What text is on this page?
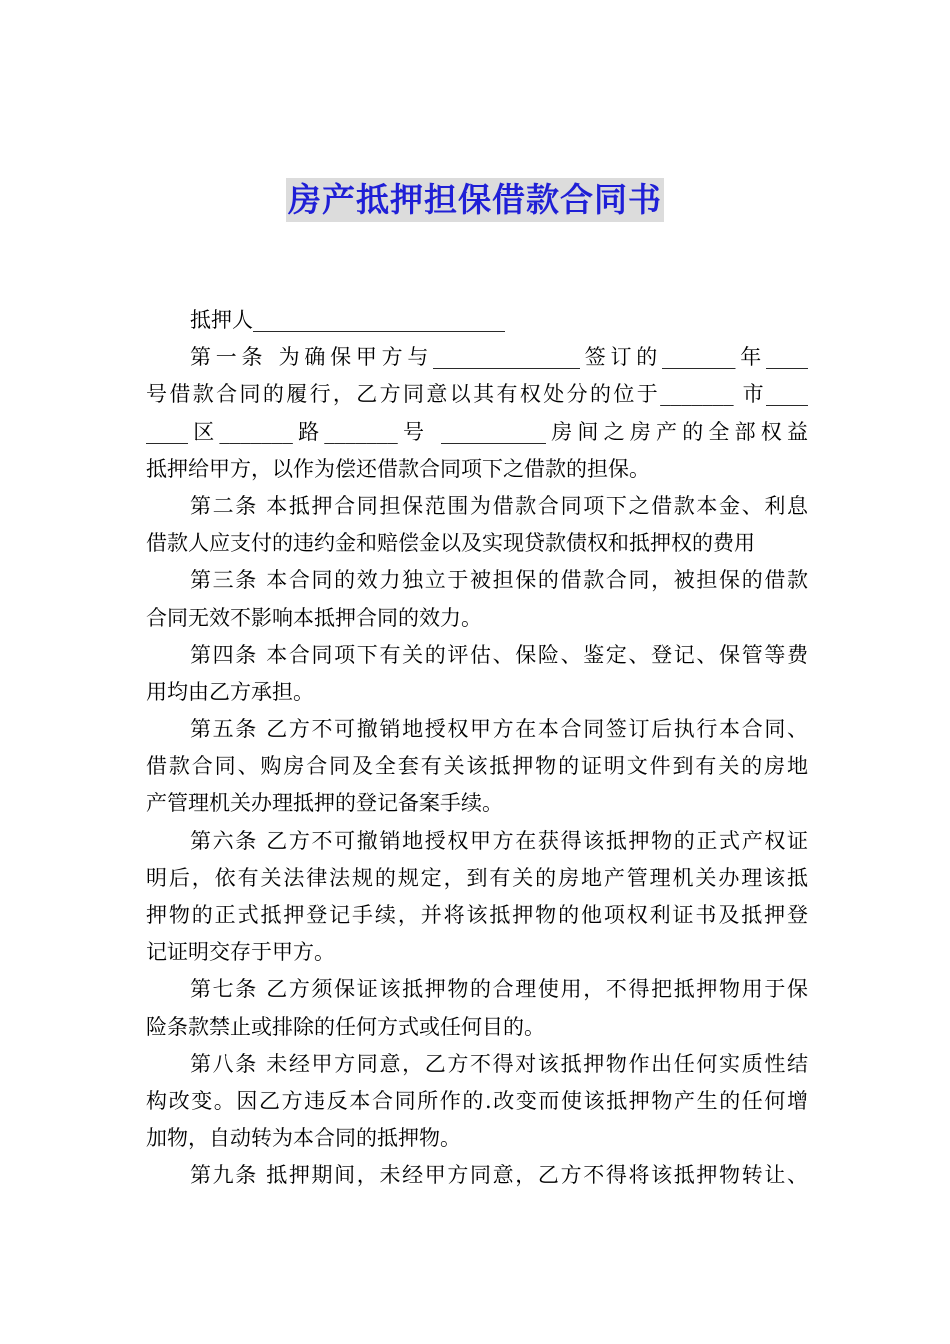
房产抵押担保借款合同书
抵押人________________________
第一条 为确保甲方与______________签订的_______年____
号借款合同的履行，乙方同意以其有权处分的位于_______ 市____
____区_______路_______号 __________房间之房产的全部权益
抵押给甲方，以作为偿还借款合同项下之借款的担保。
第二条 本抵押合同担保范围为借款合同项下之借款本金、利息
借款人应支付的违约金和赔偿金以及实现贷款债权和抵押权的费用
第三条 本合同的效力独立于被担保的借款合同，被担保的借款
合同无效不影响本抵押合同的效力。
第四条 本合同项下有关的评估、保险、鉴定、登记、保管等费
用均由乙方承担。
第五条 乙方不可撤销地授权甲方在本合同签订后执行本合同、
借款合同、购房合同及全套有关该抵押物的证明文件到有关的房地
产管理机关办理抵押的登记备案手续。
第六条 乙方不可撤销地授权甲方在获得该抵押物的正式产权证
明后，依有关法律法规的规定，到有关的房地产管理机关办理该抵
押物的正式抵押登记手续，并将该抵押物的他项权利证书及抵押登
记证明交存于甲方。
第七条 乙方须保证该抵押物的合理使用，不得把抵押物用于保
险条款禁止或排除的任何方式或任何目的。
第八条 未经甲方同意，乙方不得对该抵押物作出任何实质性结
构改变。因乙方违反本合同所作的.改变而使该抵押物产生的任何增
加物，自动转为本合同的抵押物。
第九条 抵押期间，未经甲方同意，乙方不得将该抵押物转让、
